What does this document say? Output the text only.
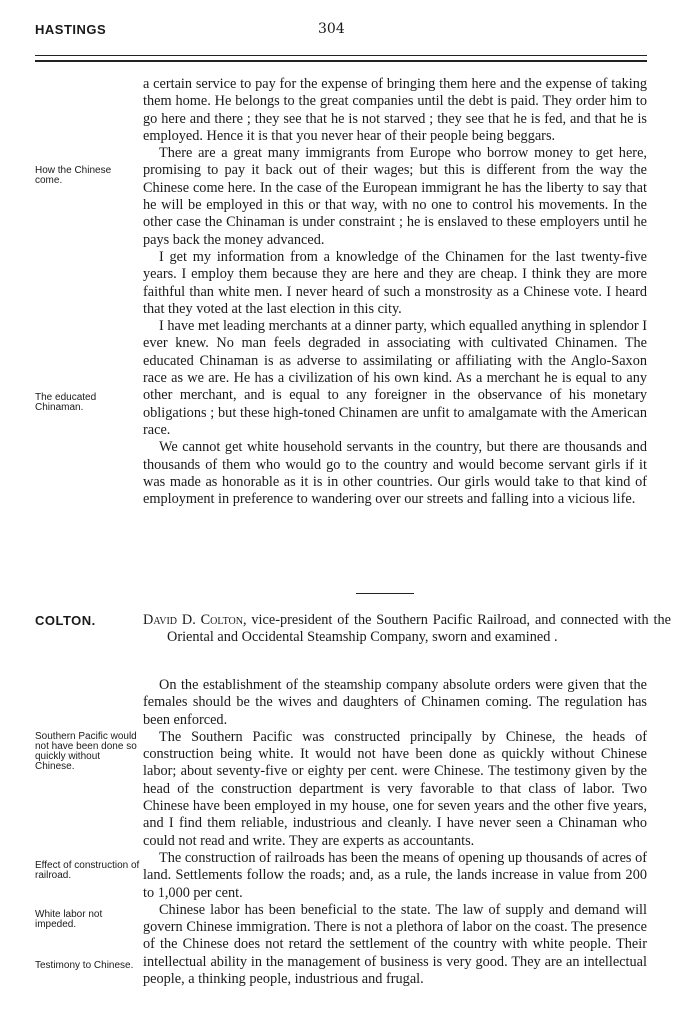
HASTINGS	304

a certain service to pay for the expense of bringing them here and the expense of taking them home. He belongs to the great companies until the debt is paid. They order him to go here and there ; they see that he is not starved ; they see that he is fed, and that he is employed. Hence it is that you never hear of their people being beggars.

There are a great many immigrants from Europe who borrow money to get here, promising to pay it back out of their wages; but this is different from the way the Chinese come here. In the case of the European immigrant he has the liberty to say that he will be employed in this or that way, with no one to control his movements. In the other case the Chinaman is under constraint ; he is enslaved to these employers until he pays back the money advanced.

I get my information from a knowledge of the Chinamen for the last twenty-five years. I employ them because they are here and they are cheap. I think they are more faithful than white men. I never heard of such a monstrosity as a Chinese vote. I heard that they voted at the last election in this city.

I have met leading merchants at a dinner party, which equalled anything in splendor I ever knew. No man feels degraded in associating with cultivated Chinamen. The educated Chinaman is as adverse to assimilating or affiliating with the Anglo-Saxon race as we are. He has a civilization of his own kind. As a merchant he is equal to any other merchant, and is equal to any foreigner in the observance of his monetary obligations ; but these high-toned Chinamen are unfit to amalgamate with the American race.

We cannot get white household servants in the country, but there are thousands and thousands of them who would go to the country and would become servant girls if it was made as honorable as it is in other countries. Our girls would take to that kind of employment in preference to wandering over our streets and falling into a vicious life.

How the Chinese come.
The educated Chinaman.
COLTON.	David D. Colton, vice-president of the Southern Pacific Railroad, and connected with the Oriental and Occidental Steamship Company, sworn and examined .

On the establishment of the steamship company absolute orders were given that the females should be the wives and daughters of Chinamen coming. The regulation has been enforced.

The Southern Pacific was constructed principally by Chinese, the heads of construction being white. It would not have been done as quickly without Chinese labor; about seventy-five or eighty per cent. were Chinese. The testimony given by the head of the construction department is very favorable to that class of labor. Two Chinese have been employed in my house, one for seven years and the other five years, and I find them reliable, industrious and cleanly. I have never seen a Chinaman who could not read and write. They are experts as accountants.

The construction of railroads has been the means of opening up thousands of acres of land. Settlements follow the roads; and, as a rule, the lands increase in value from 200 to 1,000 per cent.

Chinese labor has been beneficial to the state. The law of supply and demand will govern Chinese immigration. There is not a plethora of labor on the coast. The presence of the Chinese does not retard the settlement of the country with white people. Their intellectual ability in the management of business is very good. They are an intellectual people, a thinking people, industrious and frugal.

Southern Pacific would not have been done so quickly without Chinese.
Effect of construction of railroad.
White labor not impeded.
Testimony to Chinese.
